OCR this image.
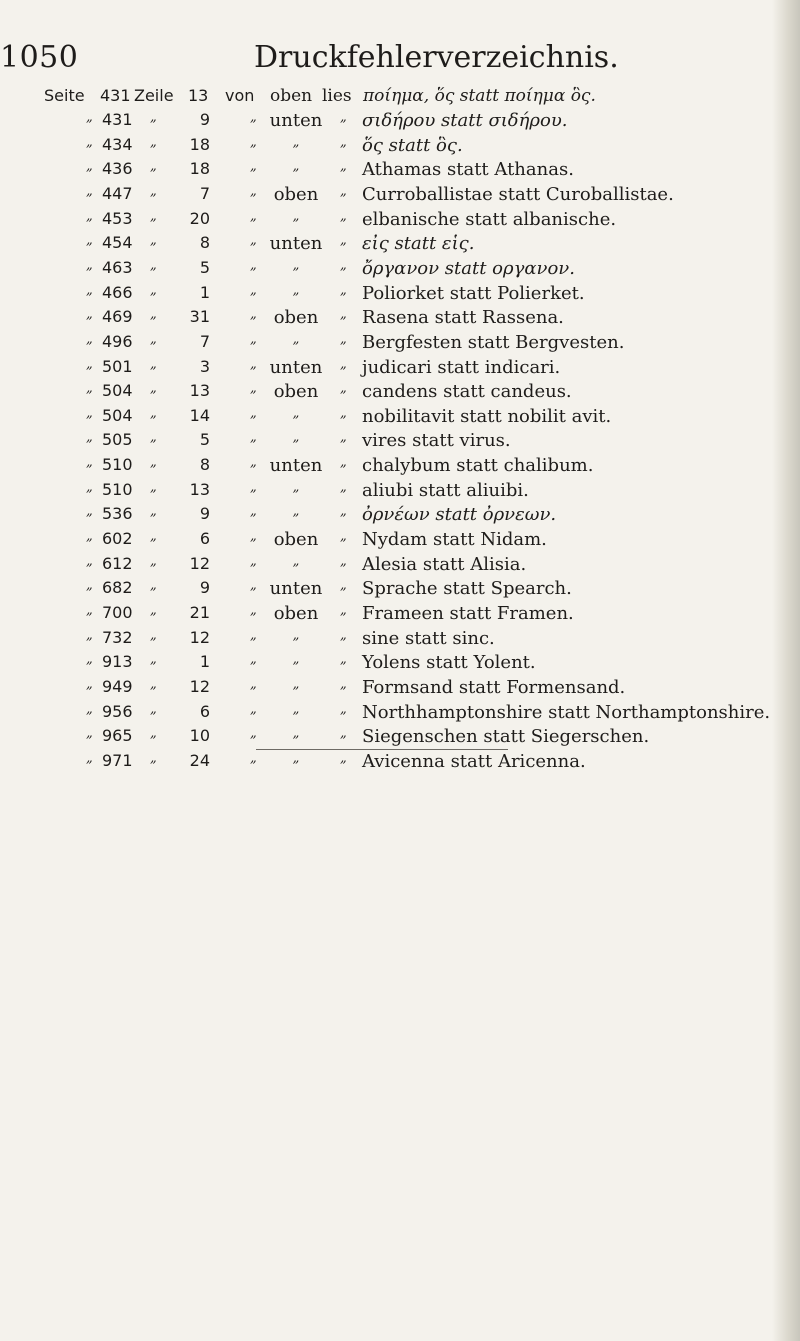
1050	Druckfehlerverzeichnis.
Seite 431 Zeile 13 von oben lies ποίημα, ὅς statt ποίημα ὃς.
„ 431 „	9	„ unten	„ σιδήρου statt σιδήρου.
„ 434 „ 18	„	„	„ ὅς statt ὃς.
„ 436 „ 18	„	„	„ Athamas statt Athanas.
„ 447 „	7	„ oben	„ Curroballistae statt Curoballistae.
„ 453 „ 20	„	„	„ elbanische statt albanische.
„ 454 „	8	„ unten	„ εἰς statt εἱς.
„ 463 „	5	„	„	„ ὄργανον statt οργανον.
„ 466 „	1	„	„	„ Poliorket statt Polierket.
„ 469 „ 31	„ oben	„ Rasena statt Rassena.
„ 496 „	7	„	„	„ Bergfesten statt Bergvesten.
„ 501 „	3	„ unten	„ judicari statt indicari.
„ 504 „ 13	„ oben	„ candens statt candeus.
„ 504 „ 14	„	„	„ nobilitavit statt nobilit avit.
„ 505 „	5	„	„	„ vires statt virus.
„ 510 „	8	„ unten	„ chalybum statt chalibum.
„ 510 „ 13	„	„	„ aliubi statt aliuibi.
„ 536 „	9	„	„	„ ὀρνέων statt ὀρνεων.
„ 602 „	6	„ oben	„ Nydam statt Nidam.
„ 612 „ 12	„	„	„ Alesia statt Alisia.
„ 682 „	9	„ unten	„ Sprache statt Spearch.
„ 700 „ 21	„ oben	„ Frameen statt Framen.
„ 732 „ 12	„	„	„ sine statt sinc.
„ 913 „	1	„	„	„ Yolens statt Yolent.
„ 949 „ 12	„	„	„ Formsand statt Formensand.
„ 956 „	6	„	„	„ Northhamptonshire statt Northamptonshire.
„ 965 „ 10	„	„	„ Siegenschen statt Siegerschen.
„ 971 „ 24	„	„	„ Avicenna statt Aricenna.
